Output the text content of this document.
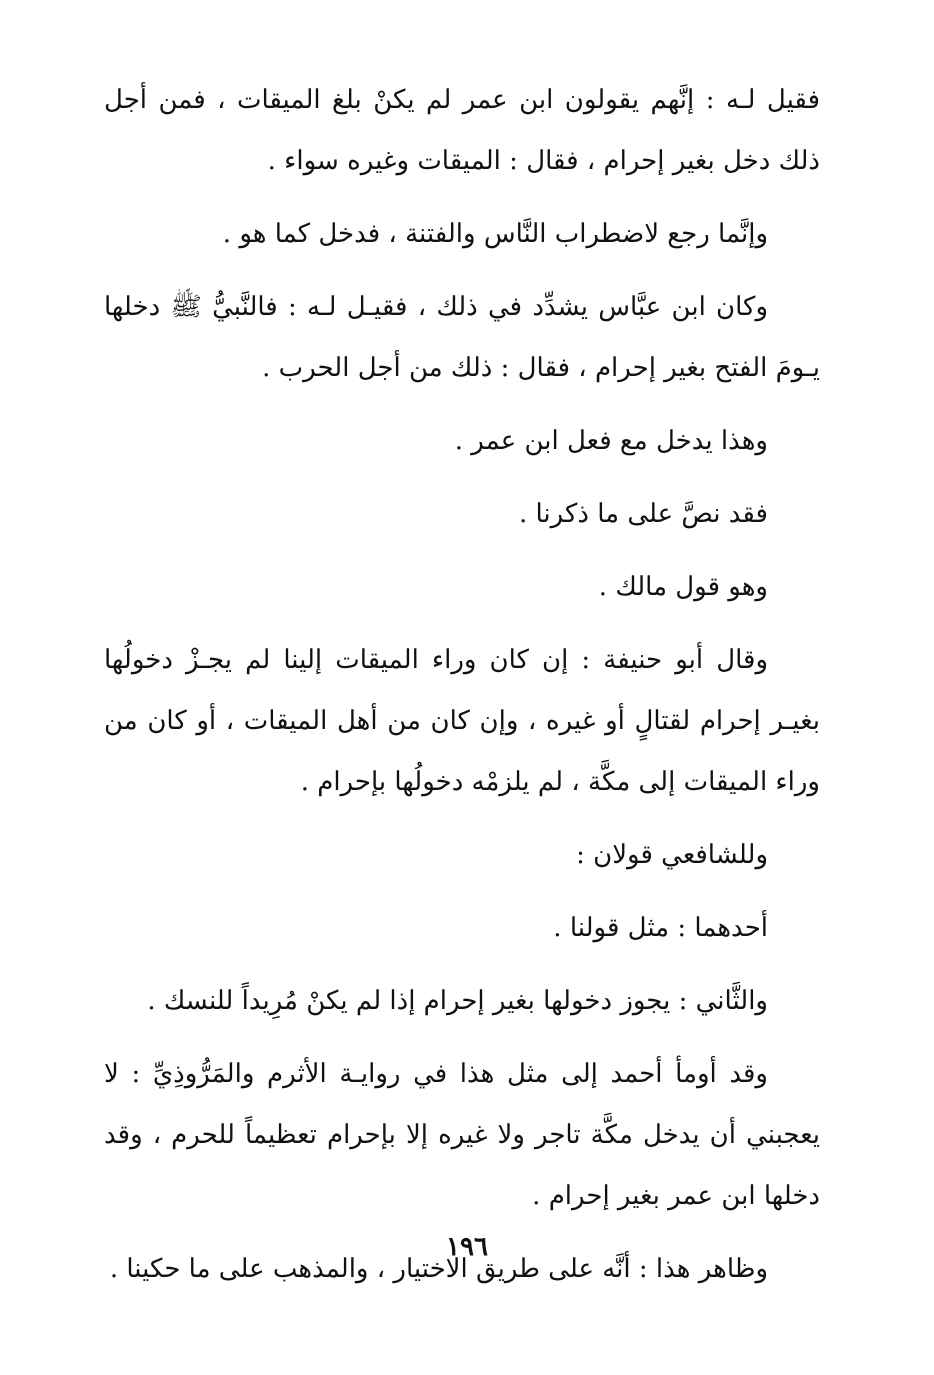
فقيل لـه : إنَّهم يقولون ابن عمر لم يكنْ بلغ الميقات ، فمن أجل ذلك دخل بغير إحرام ، فقال : الميقات وغيره سواء .

وإنَّما رجع لاضطراب النَّاس والفتنة ، فدخل كما هو .

وكان ابن عبَّاس يشدِّد في ذلك ، فقيـل لـه : فالنَّبيُّ ﷺ دخلها يـومَ الفتح بغير إحرام ، فقال : ذلك من أجل الحرب .

وهذا يدخل مع فعل ابن عمر .

فقد نصَّ على ما ذكرنا .

وهو قول مالك .

وقال أبو حنيفة : إن كان وراء الميقات إلينا لم يجـزْ دخولُها بغيـر إحرام لقتالٍ أو غيره ، وإن كان من أهل الميقات ، أو كان من وراء الميقات إلى مكَّة ، لم يلزمْه دخولُها بإحرام .

وللشافعي قولان :

أحدهما : مثل قولنا .

والثَّاني : يجوز دخولها بغير إحرام إذا لم يكنْ مُرِيداً للنسك .

وقد أومأ أحمد إلى مثل هذا في روايـة الأثرم والمَرُّوذِيِّ : لا يعجبني أن يدخل مكَّة تاجر ولا غيره إلا بإحرام تعظيماً للحرم ، وقد دخلها ابن عمر بغير إحرام .

وظاهر هذا : أنَّه على طريق الاختيار ، والمذهب على ما حكينا .

١٩٦
